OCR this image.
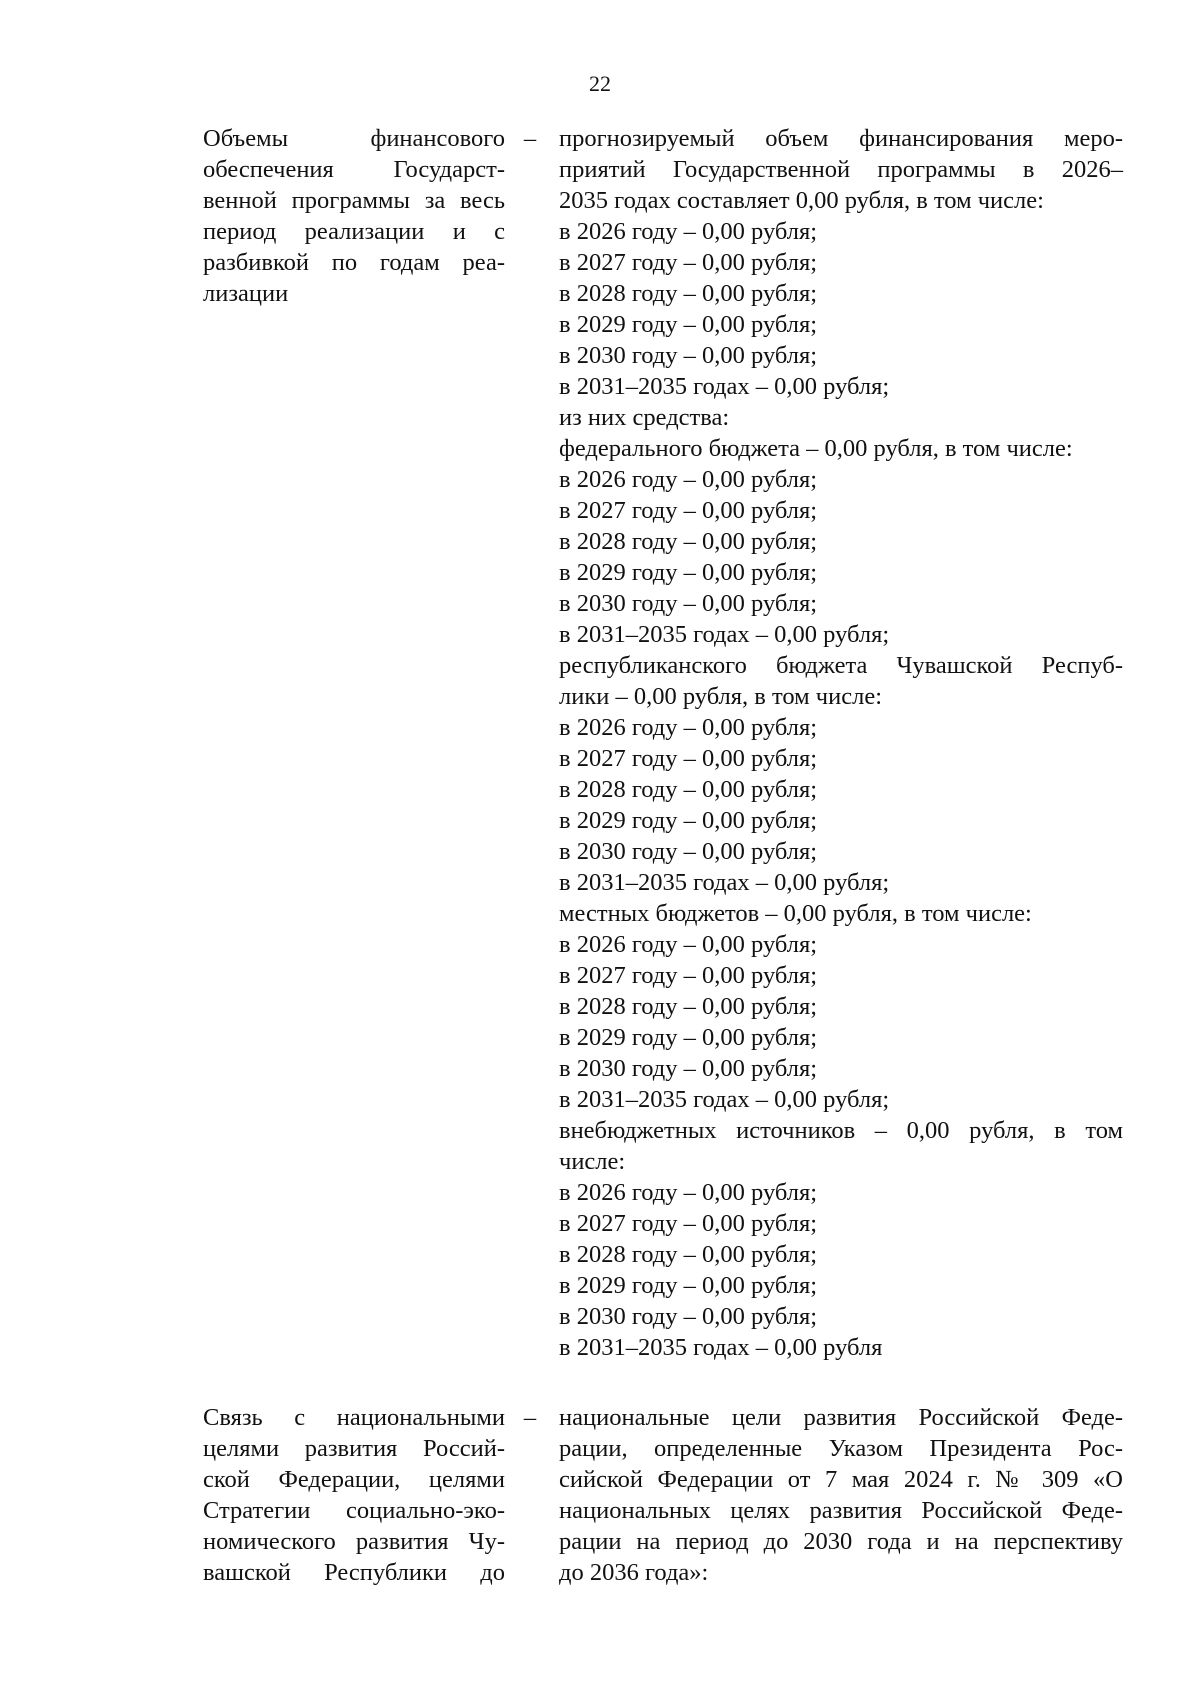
22
Объемы финансового
обеспечения Государст-
венной программы за весь
период реализации и с
разбивкой по годам реа-
лизации
– прогнозируемый объем финансирования меро-
приятий Государственной программы в 2026–
2035 годах составляет 0,00 рубля, в том числе:
в 2026 году – 0,00 рубля;
в 2027 году – 0,00 рубля;
в 2028 году – 0,00 рубля;
в 2029 году – 0,00 рубля;
в 2030 году – 0,00 рубля;
в 2031–2035 годах – 0,00 рубля;
из них средства:
федерального бюджета – 0,00 рубля, в том числе:
в 2026 году – 0,00 рубля;
в 2027 году – 0,00 рубля;
в 2028 году – 0,00 рубля;
в 2029 году – 0,00 рубля;
в 2030 году – 0,00 рубля;
в 2031–2035 годах – 0,00 рубля;
республиканского бюджета Чувашской Респуб-
лики – 0,00 рубля, в том числе:
в 2026 году – 0,00 рубля;
в 2027 году – 0,00 рубля;
в 2028 году – 0,00 рубля;
в 2029 году – 0,00 рубля;
в 2030 году – 0,00 рубля;
в 2031–2035 годах – 0,00 рубля;
местных бюджетов – 0,00 рубля, в том числе:
в 2026 году – 0,00 рубля;
в 2027 году – 0,00 рубля;
в 2028 году – 0,00 рубля;
в 2029 году – 0,00 рубля;
в 2030 году – 0,00 рубля;
в 2031–2035 годах – 0,00 рубля;
внебюджетных источников – 0,00 рубля, в том
числе:
в 2026 году – 0,00 рубля;
в 2027 году – 0,00 рубля;
в 2028 году – 0,00 рубля;
в 2029 году – 0,00 рубля;
в 2030 году – 0,00 рубля;
в 2031–2035 годах – 0,00 рубля
Связь с национальными
целями развития Россий-
ской Федерации, целями
Стратегии социально-эко-
номического развития Чу-
вашской Республики до
– национальные цели развития Российской Феде-
рации, определенные Указом Президента Рос-
сийской Федерации от 7 мая 2024 г. № 309 «О
национальных целях развития Российской Феде-
рации на период до 2030 года и на перспективу
до 2036 года»:
